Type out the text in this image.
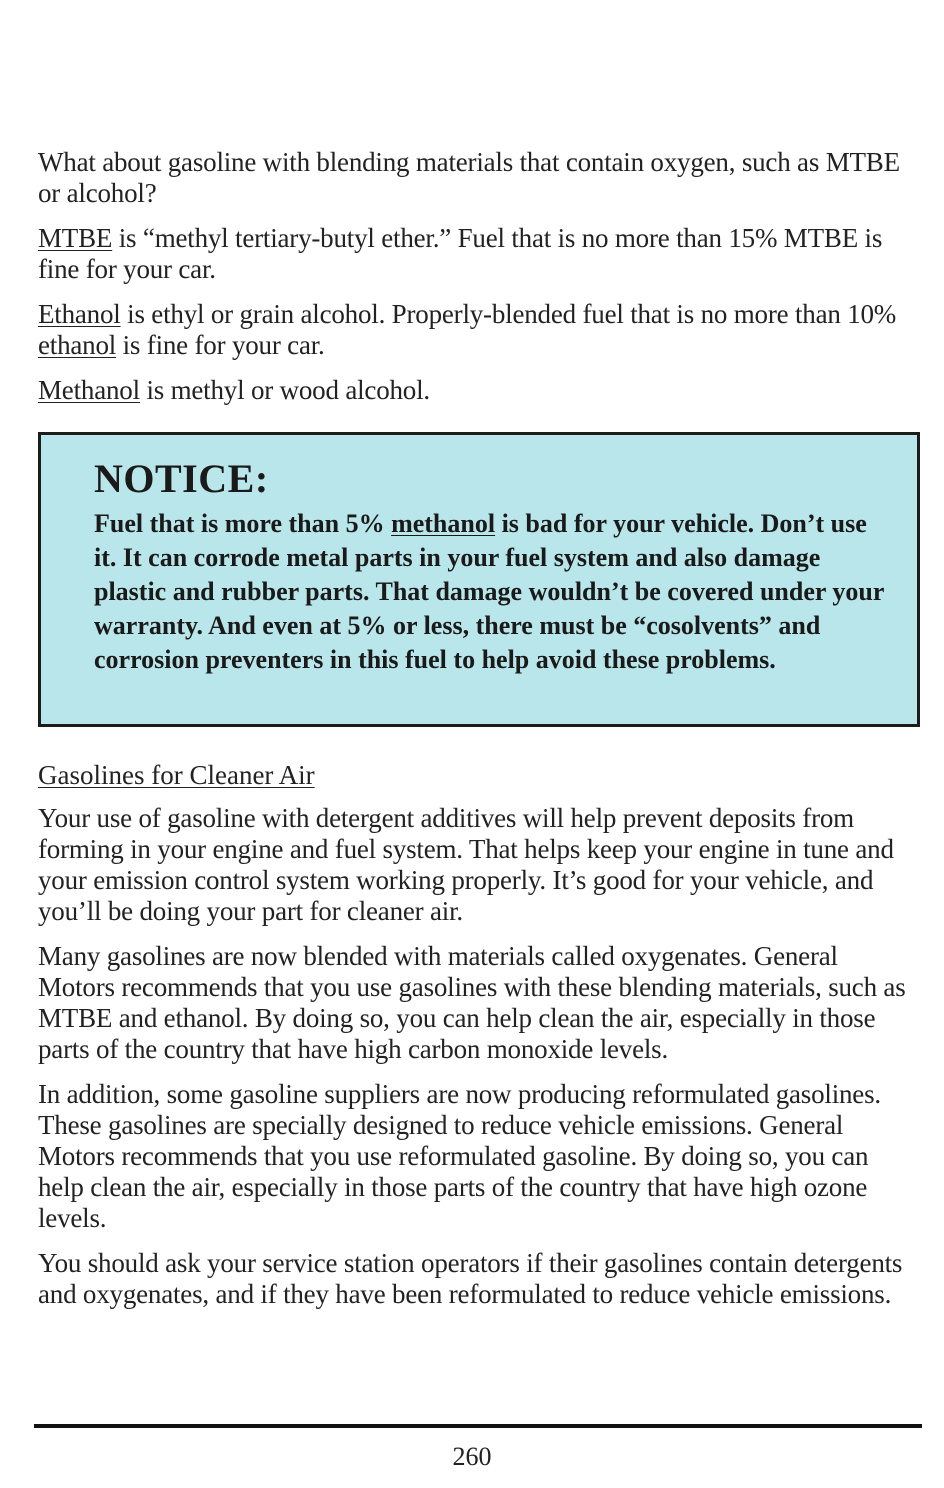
What about gasoline with blending materials that contain oxygen, such as MTBE or alcohol?

MTBE is “methyl tertiary-butyl ether.” Fuel that is no more than 15% MTBE is fine for your car.

Ethanol is ethyl or grain alcohol. Properly-blended fuel that is no more than 10% ethanol is fine for your car.

Methanol is methyl or wood alcohol.

NOTICE:

Fuel that is more than 5% methanol is bad for your vehicle. Don’t use it. It can corrode metal parts in your fuel system and also damage plastic and rubber parts. That damage wouldn’t be covered under your warranty. And even at 5% or less, there must be “cosolvents” and corrosion preventers in this fuel to help avoid these problems.

Gasolines for Cleaner Air

Your use of gasoline with detergent additives will help prevent deposits from forming in your engine and fuel system. That helps keep your engine in tune and your emission control system working properly. It’s good for your vehicle, and you’ll be doing your part for cleaner air.

Many gasolines are now blended with materials called oxygenates. General Motors recommends that you use gasolines with these blending materials, such as MTBE and ethanol. By doing so, you can help clean the air, especially in those parts of the country that have high carbon monoxide levels.

In addition, some gasoline suppliers are now producing reformulated gasolines. These gasolines are specially designed to reduce vehicle emissions. General Motors recommends that you use reformulated gasoline. By doing so, you can help clean the air, especially in those parts of the country that have high ozone levels.

You should ask your service station operators if their gasolines contain detergents and oxygenates, and if they have been reformulated to reduce vehicle emissions.

260
